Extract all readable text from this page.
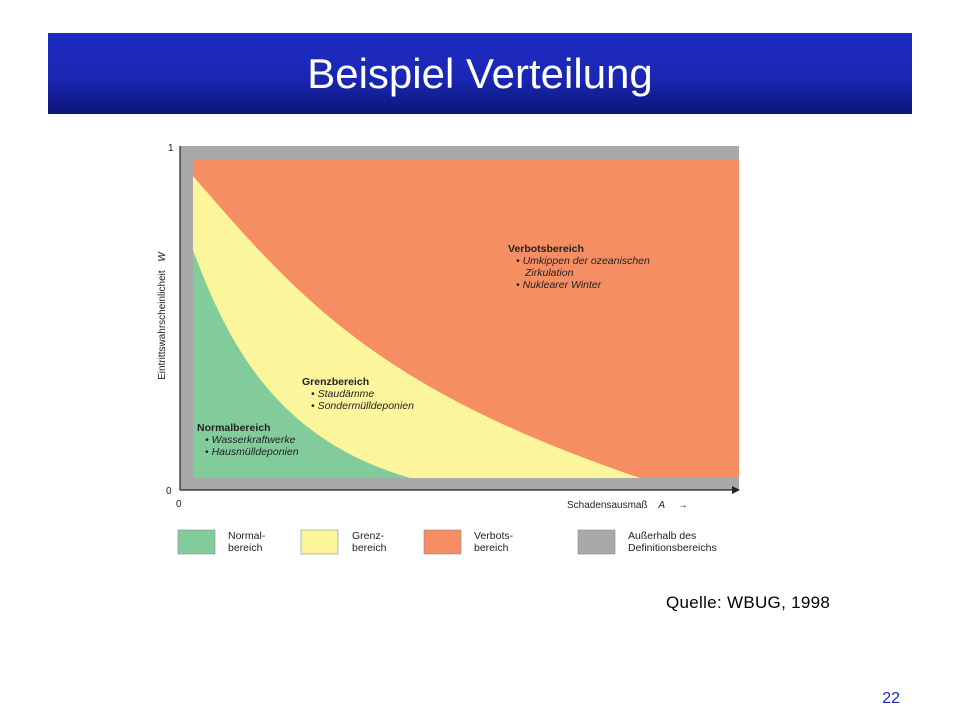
Beispiel Verteilung
1
0
0
Eintrittswahrscheinlicheit W
Schadensausmaß A →
Verbotsbereich
• Umkippen der ozeanischen
Zirkulation
• Nuklearer Winter
Grenzbereich
• Staudämme
• Sondermülldeponien
Normalbereich
• Wasserkraftwerke
• Hausmülldeponien
Normal-
bereich
Grenz-
bereich
Verbots-
bereich
Außerhalb des
Definitionsbereichs
Quelle: WBUG, 1998
22
